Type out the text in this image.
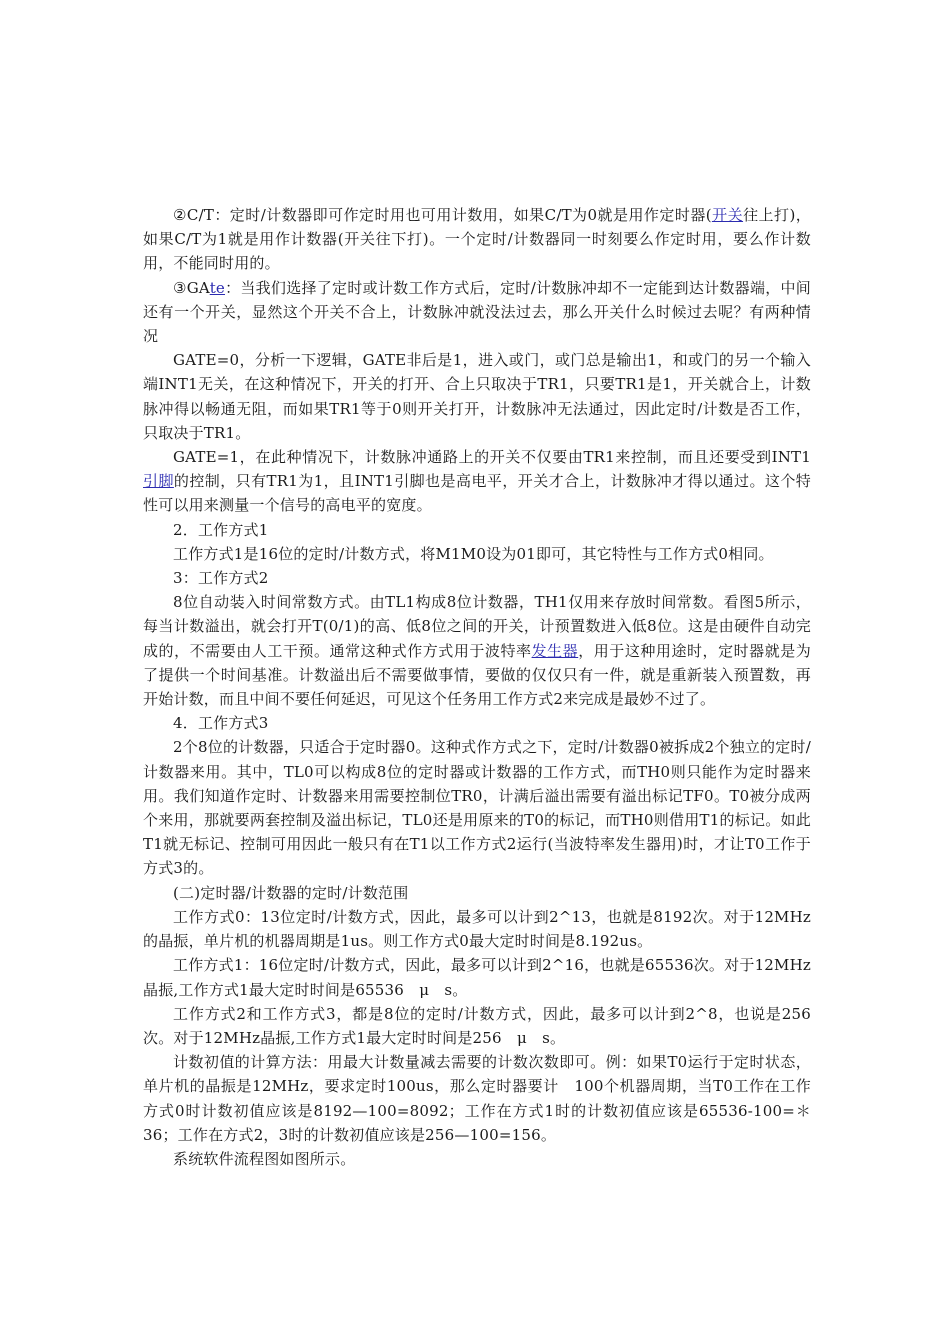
②C/T：定时/计数器即可作定时用也可用计数用，如果C/T为0就是用作定时器(开关往上打)，如果C/T为1就是用作计数器(开关往下打)。一个定时/计数器同一时刻要么作定时用，要么作计数用，不能同时用的。

③GAte：当我们选择了定时或计数工作方式后，定时/计数脉冲却不一定能到达计数器端，中间还有一个开关，显然这个开关不合上，计数脉冲就没法过去，那么开关什么时候过去呢？有两种情况

GATE=0，分析一下逻辑，GATE非后是1，进入或门，或门总是输出1，和或门的另一个输入端INT1无关，在这种情况下，开关的打开、合上只取决于TR1，只要TR1是1，开关就合上，计数脉冲得以畅通无阻，而如果TR1等于0则开关打开，计数脉冲无法通过，因此定时/计数是否工作，只取决于TR1。

GATE=1，在此种情况下，计数脉冲通路上的开关不仅要由TR1来控制，而且还要受到INT1引脚的控制，只有TR1为1，且INT1引脚也是高电平，开关才合上，计数脉冲才得以通过。这个特性可以用来测量一个信号的高电平的宽度。

2．工作方式1

工作方式1是16位的定时/计数方式，将M1M0设为01即可，其它特性与工作方式0相同。

3：工作方式2

8位自动装入时间常数方式。由TL1构成8位计数器，TH1仅用来存放时间常数。看图5所示，每当计数溢出，就会打开T(0/1)的高、低8位之间的开关，计预置数进入低8位。这是由硬件自动完成的，不需要由人工干预。通常这种式作方式用于波特率发生器，用于这种用途时，定时器就是为了提供一个时间基准。计数溢出后不需要做事情，要做的仅仅只有一件，就是重新装入预置数，再开始计数，而且中间不要任何延迟，可见这个任务用工作方式2来完成是最妙不过了。

4．工作方式3

2个8位的计数器，只适合于定时器0。这种式作方式之下，定时/计数器0被拆成2个独立的定时/计数器来用。其中，TL0可以构成8位的定时器或计数器的工作方式，而TH0则只能作为定时器来用。我们知道作定时、计数器来用需要控制位TR0，计满后溢出需要有溢出标记TF0。T0被分成两个来用，那就要两套控制及溢出标记，TL0还是用原来的T0的标记，而TH0则借用T1的标记。如此T1就无标记、控制可用因此一般只有在T1以工作方式2运行(当波特率发生器用)时，才让T0工作于方式3的。

(二)定时器/计数器的定时/计数范围

工作方式0：13位定时/计数方式，因此，最多可以计到2^13，也就是8192次。对于12MHz的晶振，单片机的机器周期是1us。则工作方式0最大定时时间是8.192us。

工作方式1：16位定时/计数方式，因此，最多可以计到2^16，也就是65536次。对于12MHz晶振,工作方式1最大定时时间是65536　μ　s。

工作方式2和工作方式3，都是8位的定时/计数方式，因此，最多可以计到2^8，也说是256次。对于12MHz晶振,工作方式1最大定时时间是256　μ　s。

计数初值的计算方法：用最大计数量减去需要的计数次数即可。例：如果T0运行于定时状态，单片机的晶振是12MHz，要求定时100us，那么定时器要计　100个机器周期，当T0工作在工作方式0时计数初值应该是8192—100=8092；工作在方式1时的计数初值应该是65536-100=＊36；工作在方式2，3时的计数初值应该是256—100=156。

系统软件流程图如图所示。
